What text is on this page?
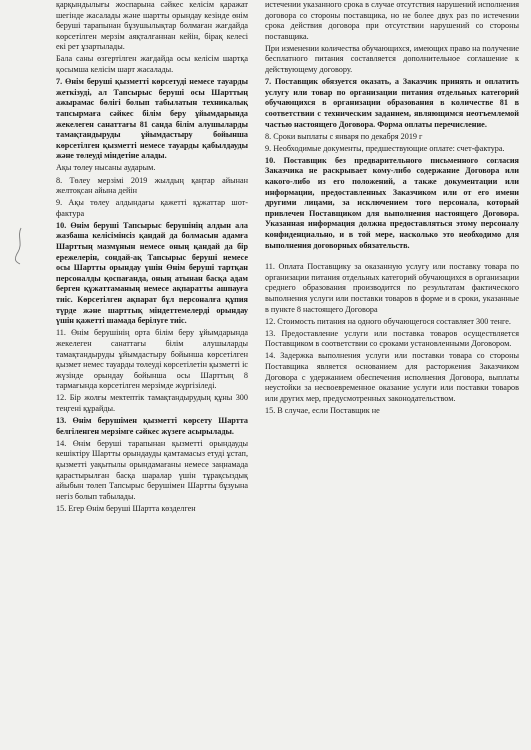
қарқындылығы жоспарына сәйкес келісім қаражат шегінде жасалады және шартты орындау кезінде өнім беруші тарапынан бұзушылықтар болмаған жағдайда көрсетілген мерзім аяқталғаннан кейін, бірақ келесі екі рет ұзартылады.
Бала саны өзгертілген жағдайда осы келісім шартқа қосымша келісім шарт жасалады.
7. Өнім беруші қызметті көрсетуді немесе тауарды жеткізуді, ал Тапсырыс беруші осы Шарттың ажырамас бөлігі болып табылатын техникалық тапсырмаға сәйкес білім беру ұйымдарында жекелеген санаттағы 81 санда білім алушыларды тамақтандыруды ұйымдастыру бойынша көрсетілген қызметті немесе тауарды қабылдауды және төлеуді міндетіне алады.
Ақы төлеу нысаны аударым.
8. Төлеу мерзімі 2019 жылдың қаңтар айынан желтоқсан айына дейін
9. Ақы төлеу алдындағы қажетті құжаттар шот-фактура
10. Өнім беруші Тапсырыс берушінің алдын ала жазбаша келісімінсіз қандай да болмасын адамға Шарттың мазмұнын немесе оның қандай да бір ережелерін, сондай-ақ Тапсырыс беруші немесе осы Шартты орындау үшін Өнім беруші тартқан персоналды қоспағанда, оның атынан басқа адам берген құжаттаманың немесе ақпаратты ашпауға тиіс. Көрсетілген ақпарат бұл персоналға құпия түрде және шарттық міндеттемелерді орындау үшін қажетті шамада берілуге тиіс.
11. Өнім берушінің орта білім беру ұйымдарында жекелеген санаттағы білім алушыларды тамақтандыруды ұйымдастыру бойынша көрсетілген қызмет немес тауарды төлеуді көрсетілетін қызметті іс жүзінде орындау бойынша осы Шарттың 8 тармағында көрсетілген мерзімде жүргізіледі.
12. Бір жолғы мектептік тамақтандырудың құны 300 теңгені құрайды.
13. Өнім берушімен қызметті көрсету Шартта белгіленген мерзімге сәйкес жүзеге асырылады.
14. Өнім беруші тарапынан қызметті орындауды кешіктіру Шартты орындауды қамтамасыз етуді ұстап, қызметті уақытылы орындамағаны немесе заңнамада қарастырылған басқа шаралар үшін тұрақсыздық айыбын төлеп Тапсырыс берушімен Шартты бұзуына негіз болып табылады.
15. Егер Өнім беруші Шартта көзделген
истечении указанного срока в случае отсутствия нарушений исполнения договора со стороны поставщика, но не более двух раз по истечении срока действия договора при отсутствии нарушений со стороны поставщика.
При изменении количества обучающихся, имеющих право на получение бесплатного питания составляется дополнительное соглашение к действующему договору.
7. Поставщик обязуется оказать, а Заказчик принять и оплатить услугу или товар по организации питания отдельных категорий обучающихся в организации образования в количестве 81 в соответствии с техническим заданием, являющимся неотъемлемой частью настоящего Договора. Форма оплаты перечисление.
8. Сроки выплаты с января по декабря 2019 г
9. Необходимые документы, предшествующие оплате: счет-фактура.
10. Поставщик без предварительного письменного согласия Заказчика не раскрывает кому-либо содержание Договора или какого-либо из его положений, а также документации или информации, предоставленных Заказчиком или от его имени другими лицами, за исключением того персонала, который привлечен Поставщиком для выполнения настоящего Договора. Указанная информация должна предоставляться этому персоналу конфиденциально, и в той мере, насколько это необходимо для выполнения договорных обязательств.
11. Оплата Поставщику за оказанную услугу или поставку товара по организации питания отдельных категорий обучающихся в организации среднего образования производится по результатам фактического выполнения услуги или поставки товаров в форме и в сроки, указанные в пункте 8 настоящего Договора
12. Стоимость питания на одного обучающегося составляет 300 тенге.
13. Предоставление услуги или поставка товаров осуществляется Поставщиком в соответствии со сроками установленными Договором.
14. Задержка выполнения услуги или поставки товара со стороны Поставщика является основанием для расторжения Заказчиком Договора с удержанием обеспечения исполнения Договора, выплаты неустойки за несвоевременное оказание услуги или поставки товаров или других мер, предусмотренных законодательством.
15. В случае, если Поставщик не
